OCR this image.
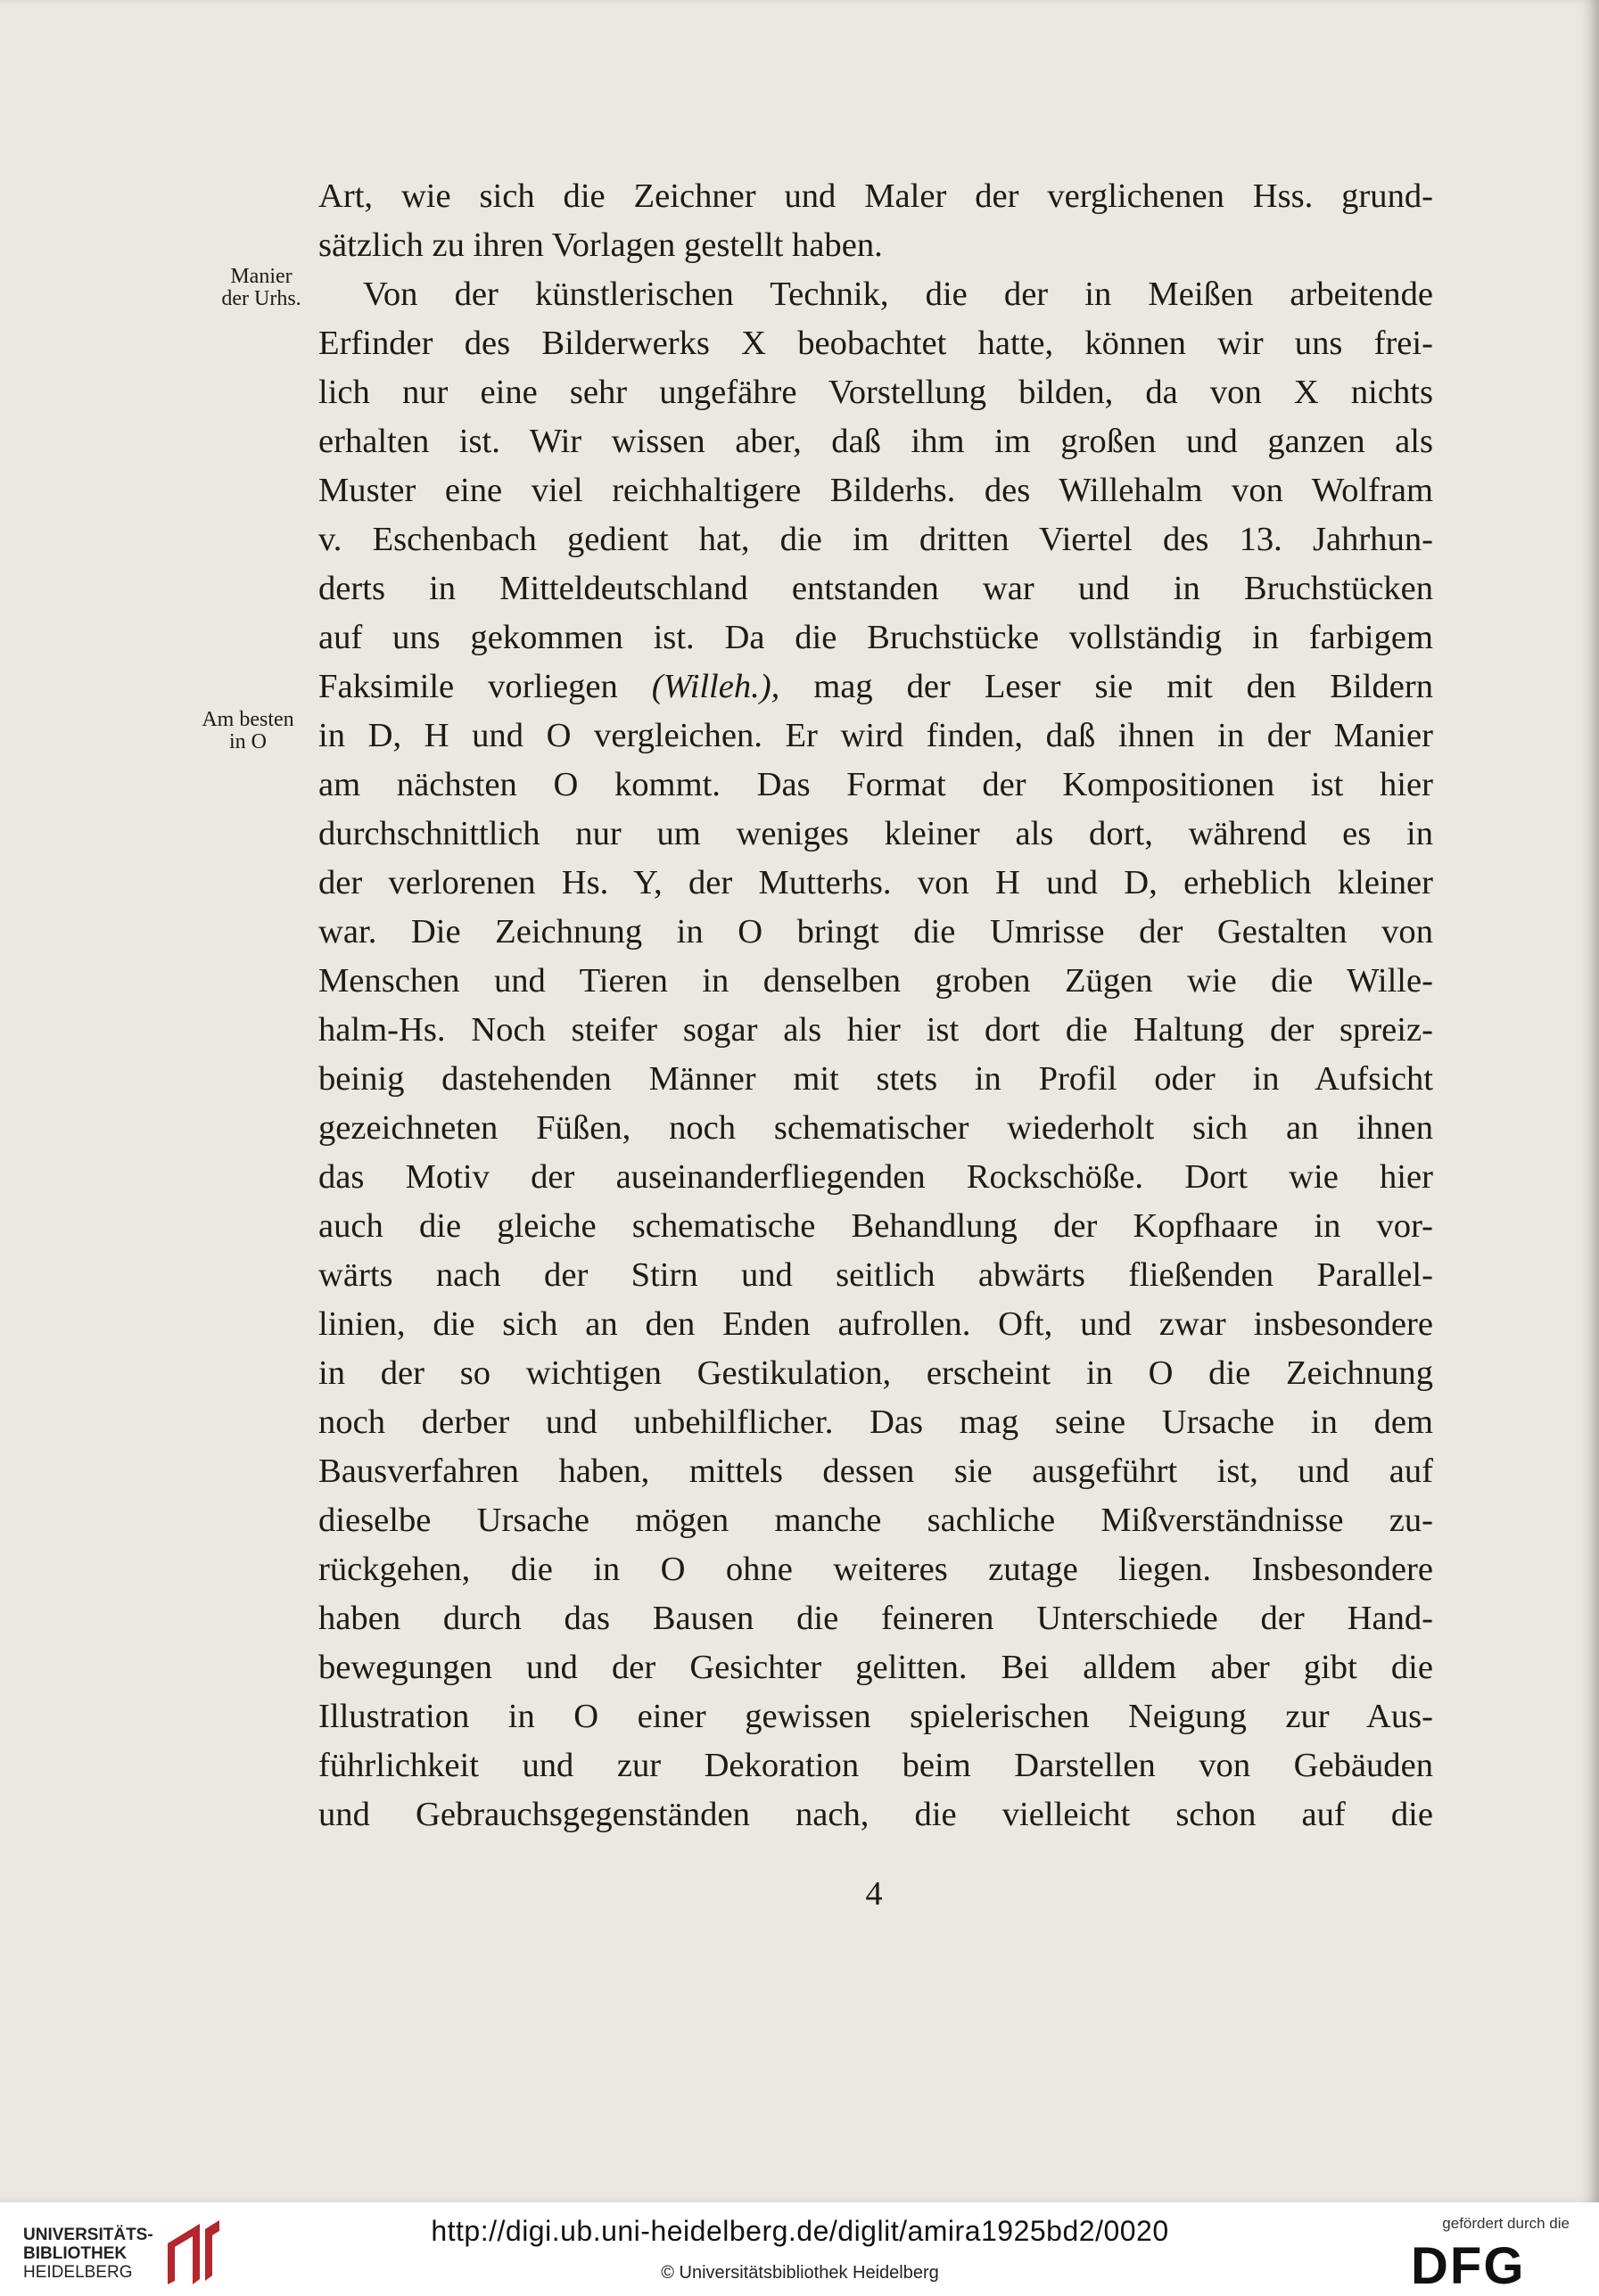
Art, wie sich die Zeichner und Maler der verglichenen Hss. grund-
sätzlich zu ihren Vorlagen gestellt haben.
Von der künstlerischen Technik, die der in Meißen arbeitende
Erfinder des Bilderwerks X beobachtet hatte, können wir uns frei-
lich nur eine sehr ungefähre Vorstellung bilden, da von X nichts
erhalten ist. Wir wissen aber, daß ihm im großen und ganzen als
Muster eine viel reichhaltigere Bilderhs. des Willehalm von Wolfram
v. Eschenbach gedient hat, die im dritten Viertel des 13. Jahrhun-
derts in Mitteldeutschland entstanden war und in Bruchstücken
auf uns gekommen ist. Da die Bruchstücke vollständig in farbigem
Faksimile vorliegen (Willeh.), mag der Leser sie mit den Bildern
in D, H und O vergleichen. Er wird finden, daß ihnen in der Manier
am nächsten O kommt. Das Format der Kompositionen ist hier
durchschnittlich nur um weniges kleiner als dort, während es in
der verlorenen Hs. Y, der Mutterhs. von H und D, erheblich kleiner
war. Die Zeichnung in O bringt die Umrisse der Gestalten von
Menschen und Tieren in denselben groben Zügen wie die Wille-
halm-Hs. Noch steifer sogar als hier ist dort die Haltung der spreiz-
beinig dastehenden Männer mit stets in Profil oder in Aufsicht
gezeichneten Füßen, noch schematischer wiederholt sich an ihnen
das Motiv der auseinanderfliegenden Rockschöße. Dort wie hier
auch die gleiche schematische Behandlung der Kopfhaare in vor-
wärts nach der Stirn und seitlich abwärts fließenden Parallel-
linien, die sich an den Enden aufrollen. Oft, und zwar insbesondere
in der so wichtigen Gestikulation, erscheint in O die Zeichnung
noch derber und unbehilflicher. Das mag seine Ursache in dem
Bausverfahren haben, mittels dessen sie ausgeführt ist, und auf
dieselbe Ursache mögen manche sachliche Mißverständnisse zu-
rückgehen, die in O ohne weiteres zutage liegen. Insbesondere
haben durch das Bausen die feineren Unterschiede der Hand-
bewegungen und der Gesichter gelitten. Bei alldem aber gibt die
Illustration in O einer gewissen spielerischen Neigung zur Aus-
führlichkeit und zur Dekoration beim Darstellen von Gebäuden
und Gebrauchsgegenständen nach, die vielleicht schon auf die
Manier
der Urhs.
Am besten
in O
4
UNIVERSITÄTS-
BIBLIOTHEK
HEIDELBERG
http://digi.ub.uni-heidelberg.de/diglit/amira1925bd2/0020
© Universitätsbibliothek Heidelberg
gefördert durch die
DFG
